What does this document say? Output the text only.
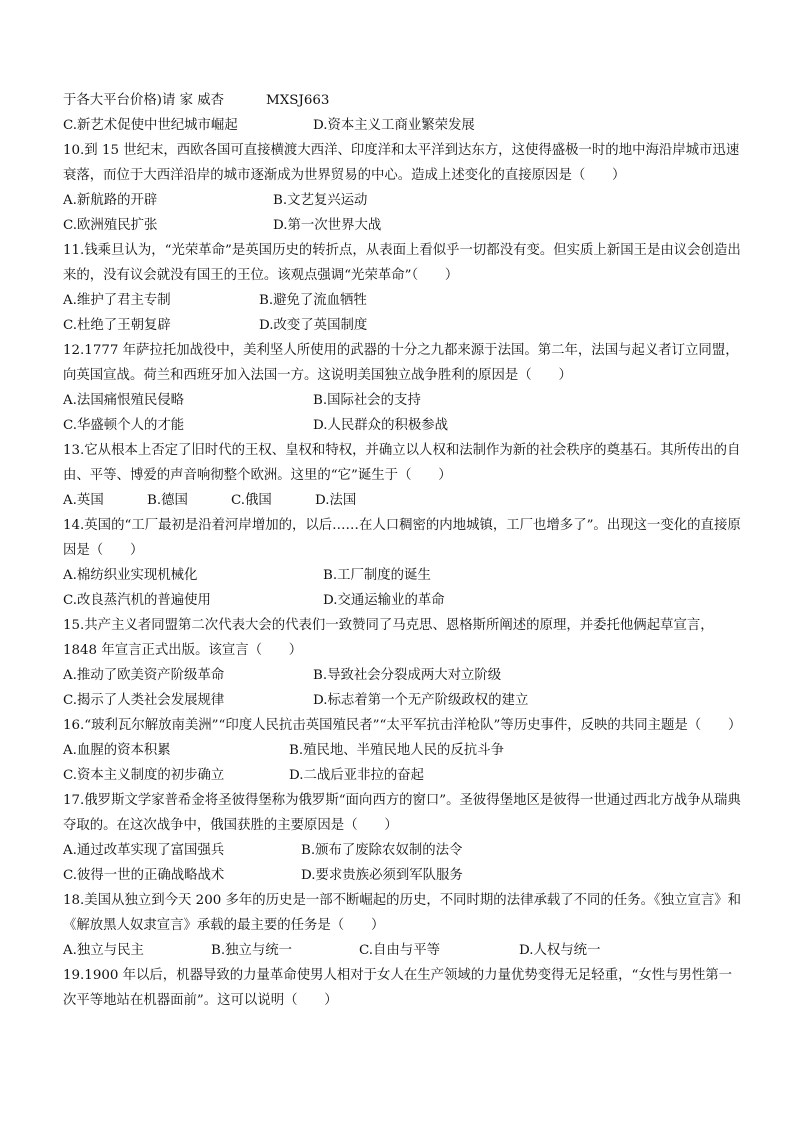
于各大平台价格)请 家 威杏	MXSJ663
C.新艺术促使中世纪城市崛起	D.资本主义工商业繁荣发展
10.到 15 世纪末，西欧各国可直接横渡大西洋、印度洋和太平洋到达东方，这使得盛极一时的地中海沿岸城市迅速衰落，而位于大西洋沿岸的城市逐渐成为世界贸易的中心。造成上述变化的直接原因是（　　）
A.新航路的开辟	B.文艺复兴运动
C.欧洲殖民扩张	D.第一次世界大战
11.钱乘旦认为，“光荣革命”是英国历史的转折点，从表面上看似乎一切都没有变。但实质上新国王是由议会创造出来的，没有议会就没有国王的王位。该观点强调“光荣革命”（　　）
A.维护了君主专制	B.避免了流血牺牲
C.杜绝了王朝复辟	D.改变了英国制度
12.1777 年萨拉托加战役中，美利坚人所使用的武器的十分之九都来源于法国。第二年，法国与起义者订立同盟，向英国宣战。荷兰和西班牙加入法国一方。这说明美国独立战争胜利的原因是（　　）
A.法国痛恨殖民侵略	B.国际社会的支持
C.华盛顿个人的才能	D.人民群众的积极参战
13.它从根本上否定了旧时代的王权、皇权和特权，并确立以人权和法制作为新的社会秩序的奠基石。其所传出的自由、平等、博爱的声音响彻整个欧洲。这里的“它”诞生于（　　）
A.英国	B.德国	C.俄国	D.法国
14.英国的“工厂最初是沿着河岸增加的，以后……在人口稠密的内地城镇，工厂也增多了”。出现这一变化的直接原因是（　　）
A.棉纺织业实现机械化	B.工厂制度的诞生
C.改良蒸汽机的普遍使用	D.交通运输业的革命
15.共产主义者同盟第二次代表大会的代表们一致赞同了马克思、恩格斯所阐述的原理，并委托他俩起草宣言，1848 年宣言正式出版。该宣言（　　）
A.推动了欧美资产阶级革命	B.导致社会分裂成两大对立阶级
C.揭示了人类社会发展规律	D.标志着第一个无产阶级政权的建立
16.“玻利瓦尔解放南美洲”“印度人民抗击英国殖民者”“太平军抗击洋枪队”等历史事件，反映的共同主题是（　　）
A.血腥的资本积累	B.殖民地、半殖民地人民的反抗斗争
C.资本主义制度的初步确立	D.二战后亚非拉的奋起
17.俄罗斯文学家普希金将圣彼得堡称为俄罗斯“面向西方的窗口”。圣彼得堡地区是彼得一世通过西北方战争从瑞典夺取的。在这次战争中，俄国获胜的主要原因是（　　）
A.通过改革实现了富国强兵	B.颁布了废除农奴制的法令
C.彼得一世的正确战略战术	D.要求贵族必须到军队服务
18.美国从独立到今天 200 多年的历史是一部不断崛起的历史，不同时期的法律承载了不同的任务。《独立宣言》和《解放黑人奴隶宣言》承载的最主要的任务是（　　）
A.独立与民主	B.独立与统一	C.自由与平等	D.人权与统一
19.1900 年以后，机器导致的力量革命使男人相对于女人在生产领域的力量优势变得无足轻重，“女性与男性第一次平等地站在机器面前”。这可以说明（　　）
